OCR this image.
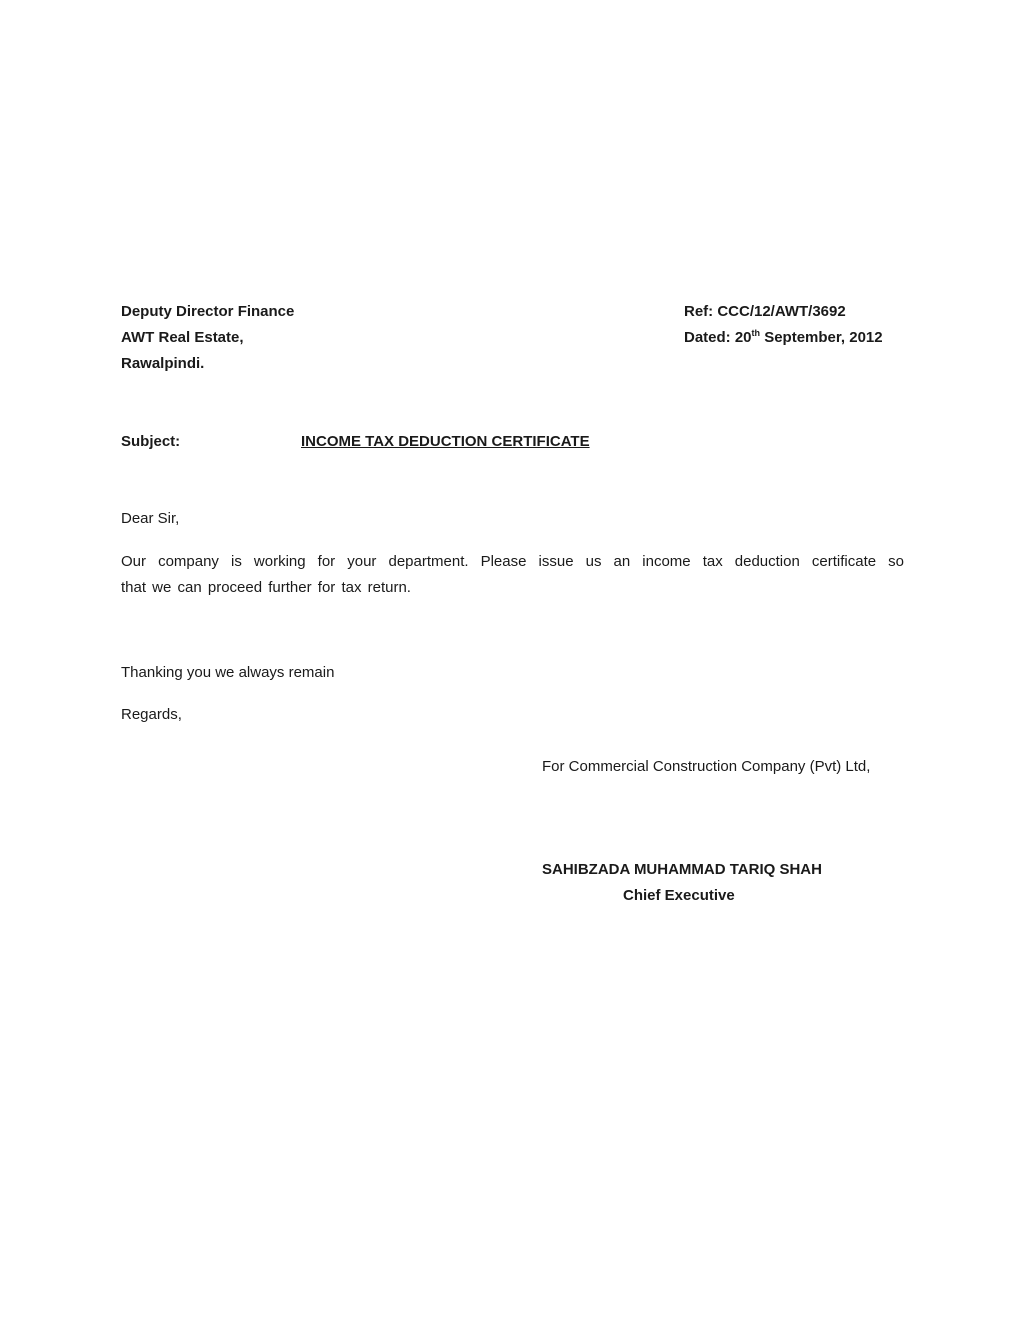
Deputy Director Finance
AWT Real Estate,
Rawalpindi.
Ref: CCC/12/AWT/3692
Dated: 20th September, 2012
Subject:	INCOME TAX DEDUCTION CERTIFICATE
Dear Sir,
Our company is working for your department. Please issue us an income tax deduction certificate so
that we can proceed further for tax return.
Thanking you we always remain
Regards,
For Commercial Construction Company (Pvt) Ltd,
SAHIBZADA MUHAMMAD TARIQ SHAH
Chief Executive
